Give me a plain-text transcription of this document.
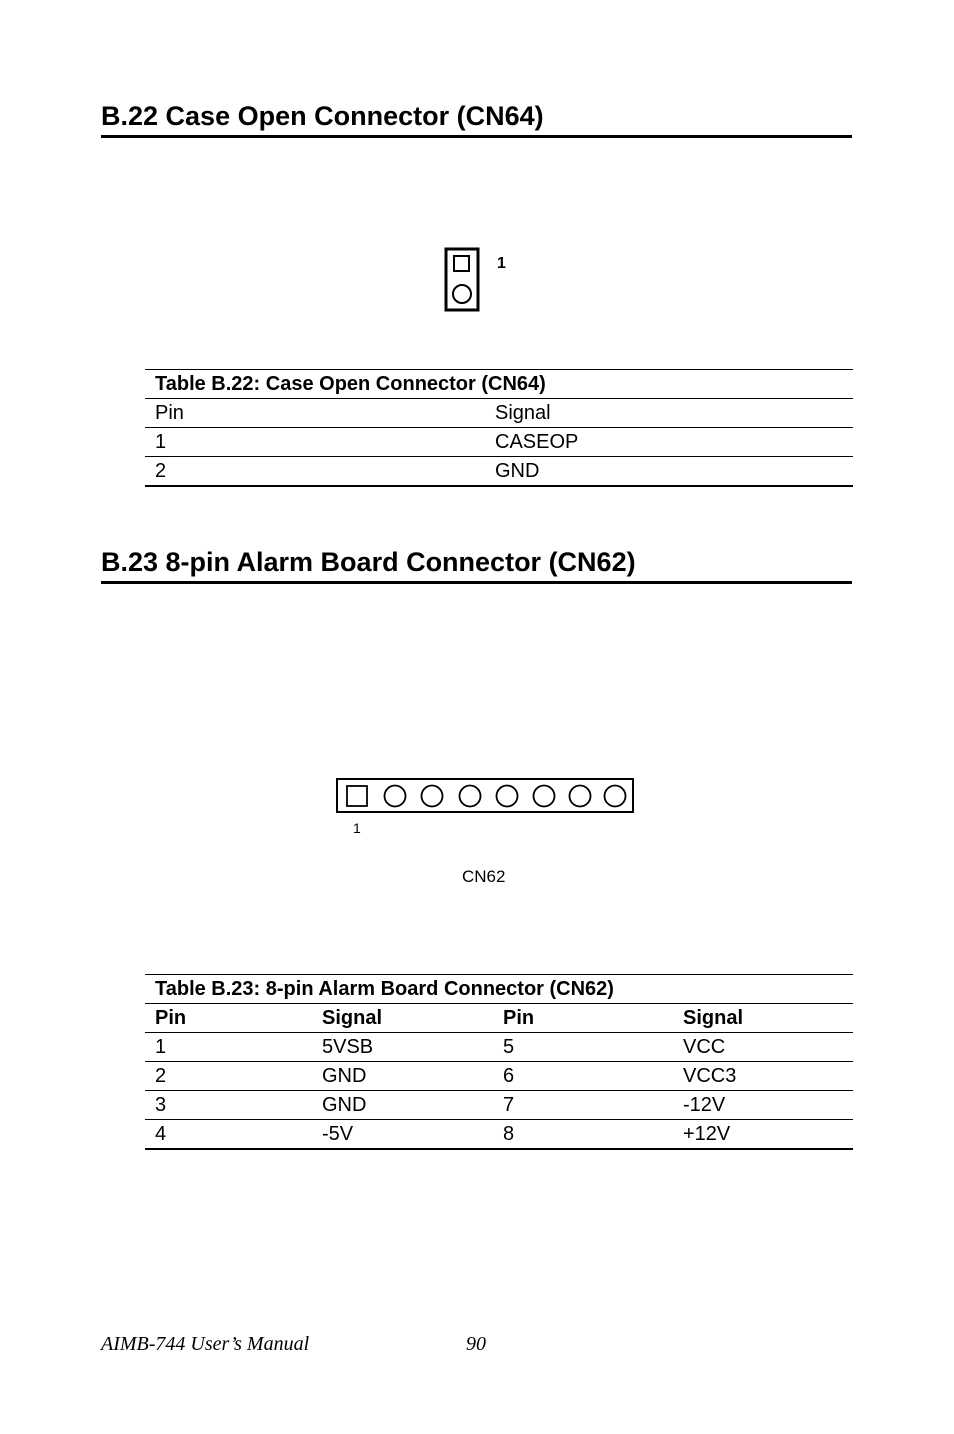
B.22 Case Open Connector (CN64)
1
Table B.22: Case Open Connector (CN64)	
Pin	Signal
1	CASEOP
2	GND
B.23 8-pin Alarm Board Connector (CN62)
1
CN62
Table B.23: 8-pin Alarm Board Connector (CN62)			
Pin	Signal	Pin	Signal
1	5VSB	5	VCC
2	GND	6	VCC3
3	GND	7	-12V
4	-5V	8	+12V
AIMB-744 User’s Manual	90
